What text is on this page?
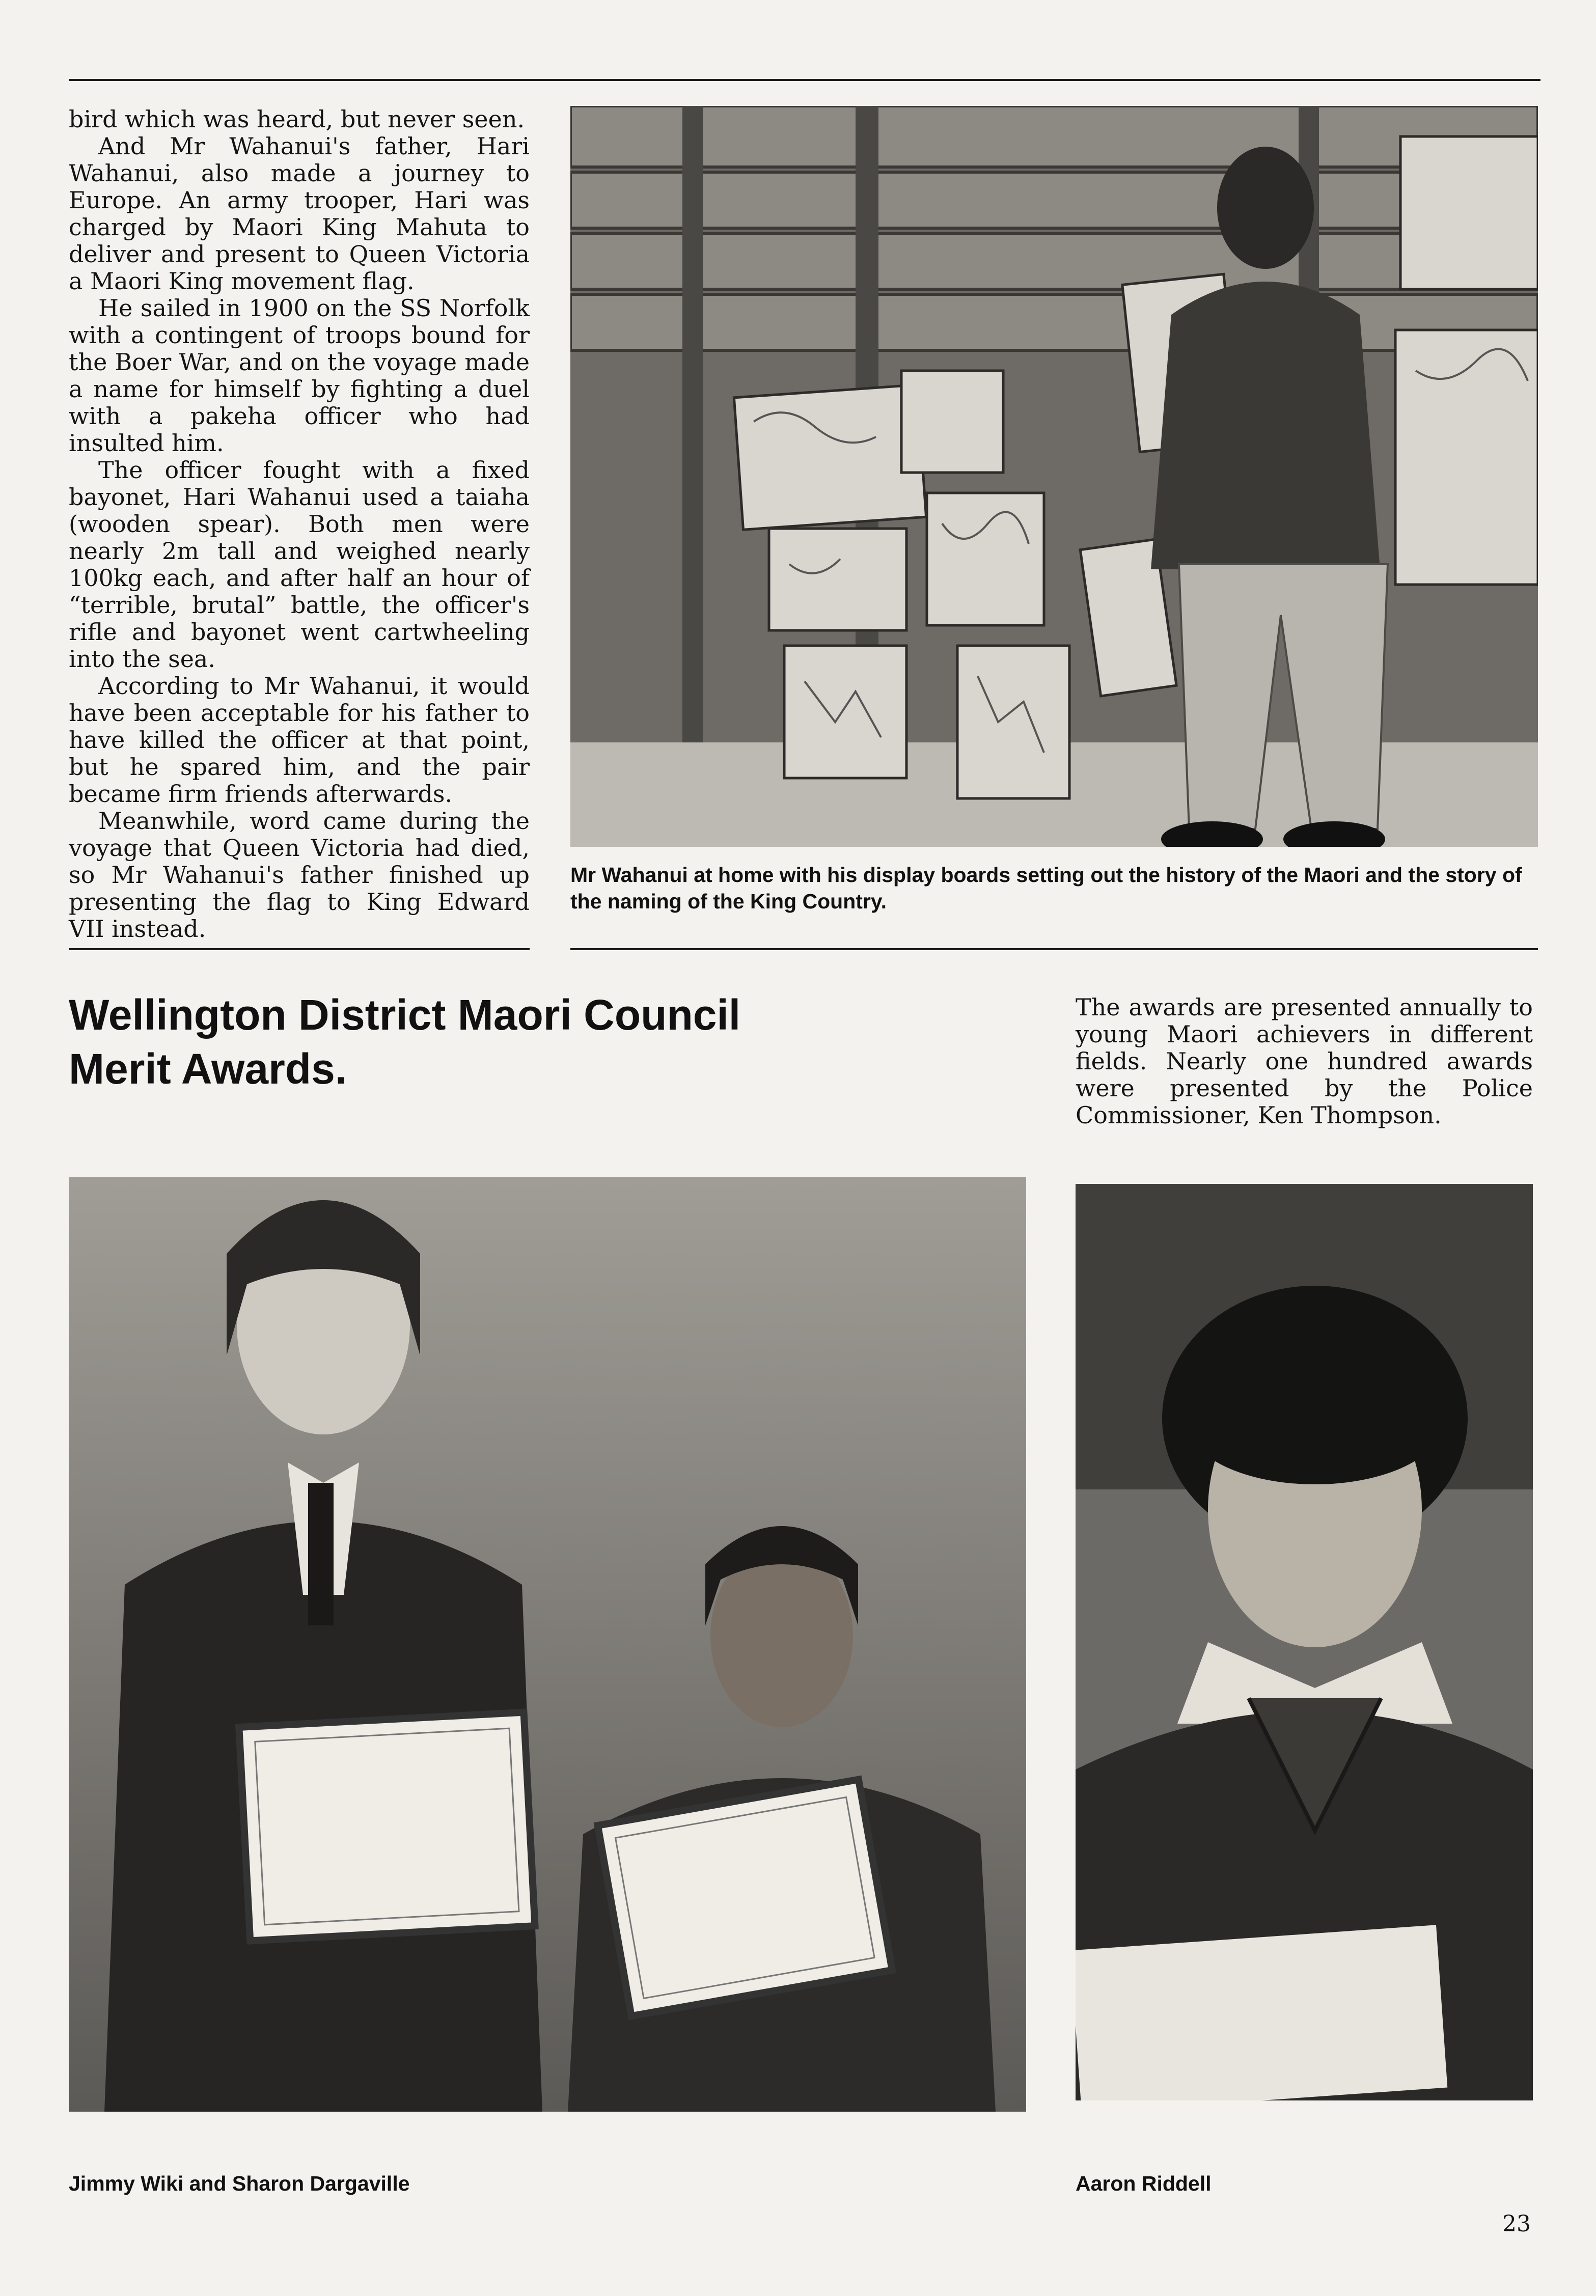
bird which was heard, but never seen.

And Mr Wahanui's father, Hari Wahanui, also made a journey to Europe. An army trooper, Hari was charged by Maori King Mahuta to deliver and present to Queen Victoria a Maori King movement flag.

He sailed in 1900 on the SS Norfolk with a contingent of troops bound for the Boer War, and on the voyage made a name for himself by fighting a duel with a pakeha officer who had insulted him.

The officer fought with a fixed bayonet, Hari Wahanui used a taiaha (wooden spear). Both men were nearly 2m tall and weighed nearly 100kg each, and after half an hour of “terrible, brutal” battle, the officer's rifle and bayonet went cartwheeling into the sea.

According to Mr Wahanui, it would have been acceptable for his father to have killed the officer at that point, but he spared him, and the pair became firm friends afterwards.

Meanwhile, word came during the voyage that Queen Victoria had died, so Mr Wahanui's father finished up presenting the flag to King Edward VII instead.

Mr Wahanui at home with his display boards setting out the history of the Maori and the story of the naming of the King Country.
Wellington District Maori Council
Merit Awards.
The awards are presented annually to young Maori achievers in different fields. Nearly one hundred awards were presented by the Police Commissioner, Ken Thompson.
Jimmy Wiki and Sharon Dargaville	Aaron Riddell
23
